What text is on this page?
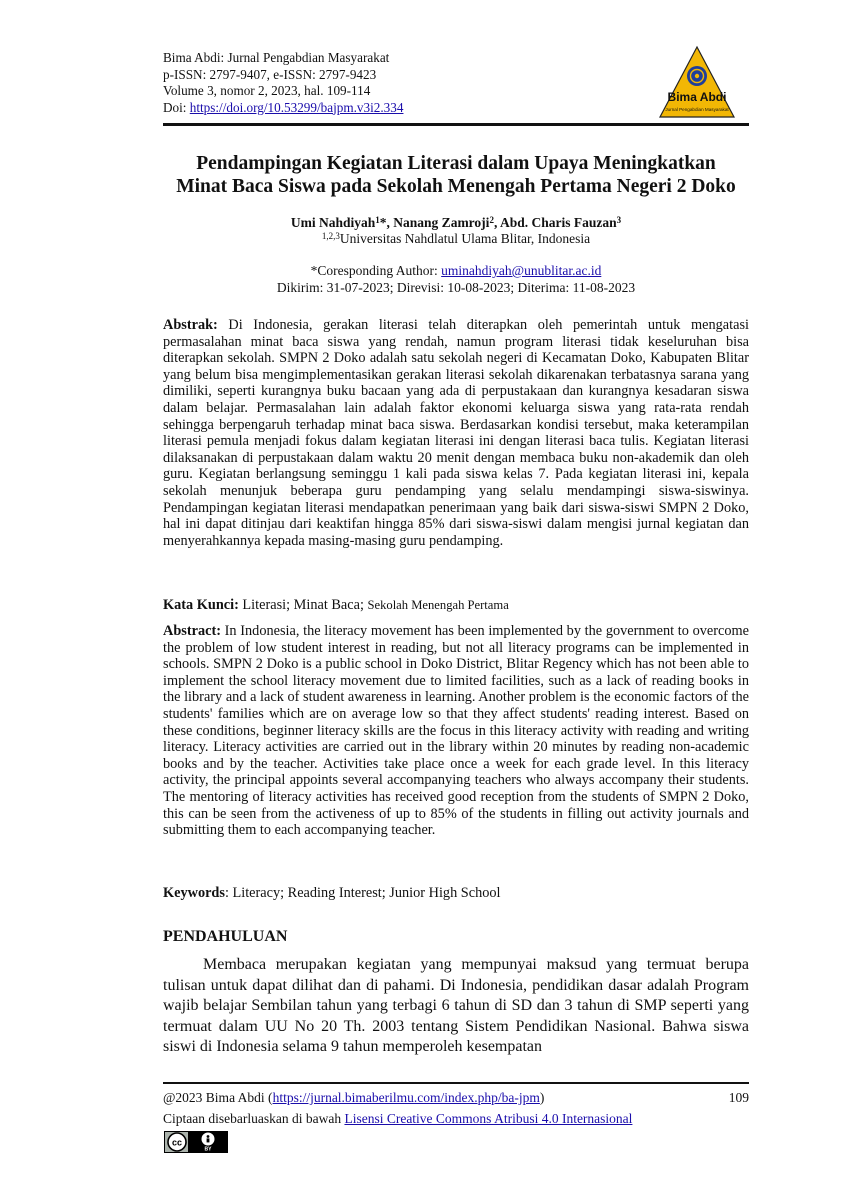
Bima Abdi: Jurnal Pengabdian Masyarakat
p-ISSN: 2797-9407, e-ISSN: 2797-9423
Volume 3, nomor 2, 2023, hal. 109-114
Doi: https://doi.org/10.53299/bajpm.v3i2.334
Bima Abdi
Jurnal Pengabdian Masyarakat
Pendampingan Kegiatan Literasi dalam Upaya Meningkatkan
Minat Baca Siswa pada Sekolah Menengah Pertama Negeri 2 Doko
Umi Nahdiyah$^1$*, Nanang Zamroji$^2$, Abd. Charis Fauzan$^3$
$^{1,2,3}$Universitas Nahdlatul Ulama Blitar, Indonesia
*Coresponding Author: uminahdiyah@unublitar.ac.id
Dikirim: 31-07-2023; Direvisi: 10-08-2023; Diterima: 11-08-2023
Abstrak: Di Indonesia, gerakan literasi telah diterapkan oleh pemerintah untuk mengatasi permasalahan minat baca siswa yang rendah, namun program literasi tidak keseluruhan bisa diterapkan sekolah. SMPN 2 Doko adalah satu sekolah negeri di Kecamatan Doko, Kabupaten Blitar yang belum bisa mengimplementasikan gerakan literasi sekolah dikarenakan terbatasnya sarana yang dimiliki, seperti kurangnya buku bacaan yang ada di perpustakaan dan kurangnya kesadaran siswa dalam belajar. Permasalahan lain adalah faktor ekonomi keluarga siswa yang rata-rata rendah sehingga berpengaruh terhadap minat baca siswa. Berdasarkan kondisi tersebut, maka keterampilan literasi pemula menjadi fokus dalam kegiatan literasi ini dengan literasi baca tulis. Kegiatan literasi dilaksanakan di perpustakaan dalam waktu 20 menit dengan membaca buku non-akademik dan oleh guru. Kegiatan berlangsung seminggu 1 kali pada siswa kelas 7. Pada kegiatan literasi ini, kepala sekolah menunjuk beberapa guru pendamping yang selalu mendampingi siswa-siswinya. Pendampingan kegiatan literasi mendapatkan penerimaan yang baik dari siswa-siswi SMPN 2 Doko, hal ini dapat ditinjau dari keaktifan hingga 85% dari siswa-siswi dalam mengisi jurnal kegiatan dan menyerahkannya kepada masing-masing guru pendamping.
Kata Kunci: Literasi; Minat Baca; Sekolah Menengah Pertama
Abstract: In Indonesia, the literacy movement has been implemented by the government to overcome the problem of low student interest in reading, but not all literacy programs can be implemented in schools. SMPN 2 Doko is a public school in Doko District, Blitar Regency which has not been able to implement the school literacy movement due to limited facilities, such as a lack of reading books in the library and a lack of student awareness in learning. Another problem is the economic factors of the students' families which are on average low so that they affect students' reading interest. Based on these conditions, beginner literacy skills are the focus in this literacy activity with reading and writing literacy. Literacy activities are carried out in the library within 20 minutes by reading non-academic books and by the teacher. Activities take place once a week for each grade level. In this literacy activity, the principal appoints several accompanying teachers who always accompany their students. The mentoring of literacy activities has received good reception from the students of SMPN 2 Doko, this can be seen from the activeness of up to 85% of the students in filling out activity journals and submitting them to each accompanying teacher.
Keywords: Literacy; Reading Interest; Junior High School
PENDAHULUAN
Membaca merupakan kegiatan yang mempunyai maksud yang termuat berupa tulisan untuk dapat dilihat dan di pahami. Di Indonesia, pendidikan dasar adalah Program wajib belajar Sembilan tahun yang terbagi 6 tahun di SD dan 3 tahun di SMP seperti yang termuat dalam UU No 20 Th. 2003 tentang Sistem Pendidikan Nasional. Bahwa siswa siswi di Indonesia selama 9 tahun memperoleh kesempatan
@2023 Bima Abdi (https://jurnal.bimaberilmu.com/index.php/ba-jpm)	109
Ciptaan disebarluaskan di bawah Lisensi Creative Commons Atribusi 4.0 Internasional
cc
BY
